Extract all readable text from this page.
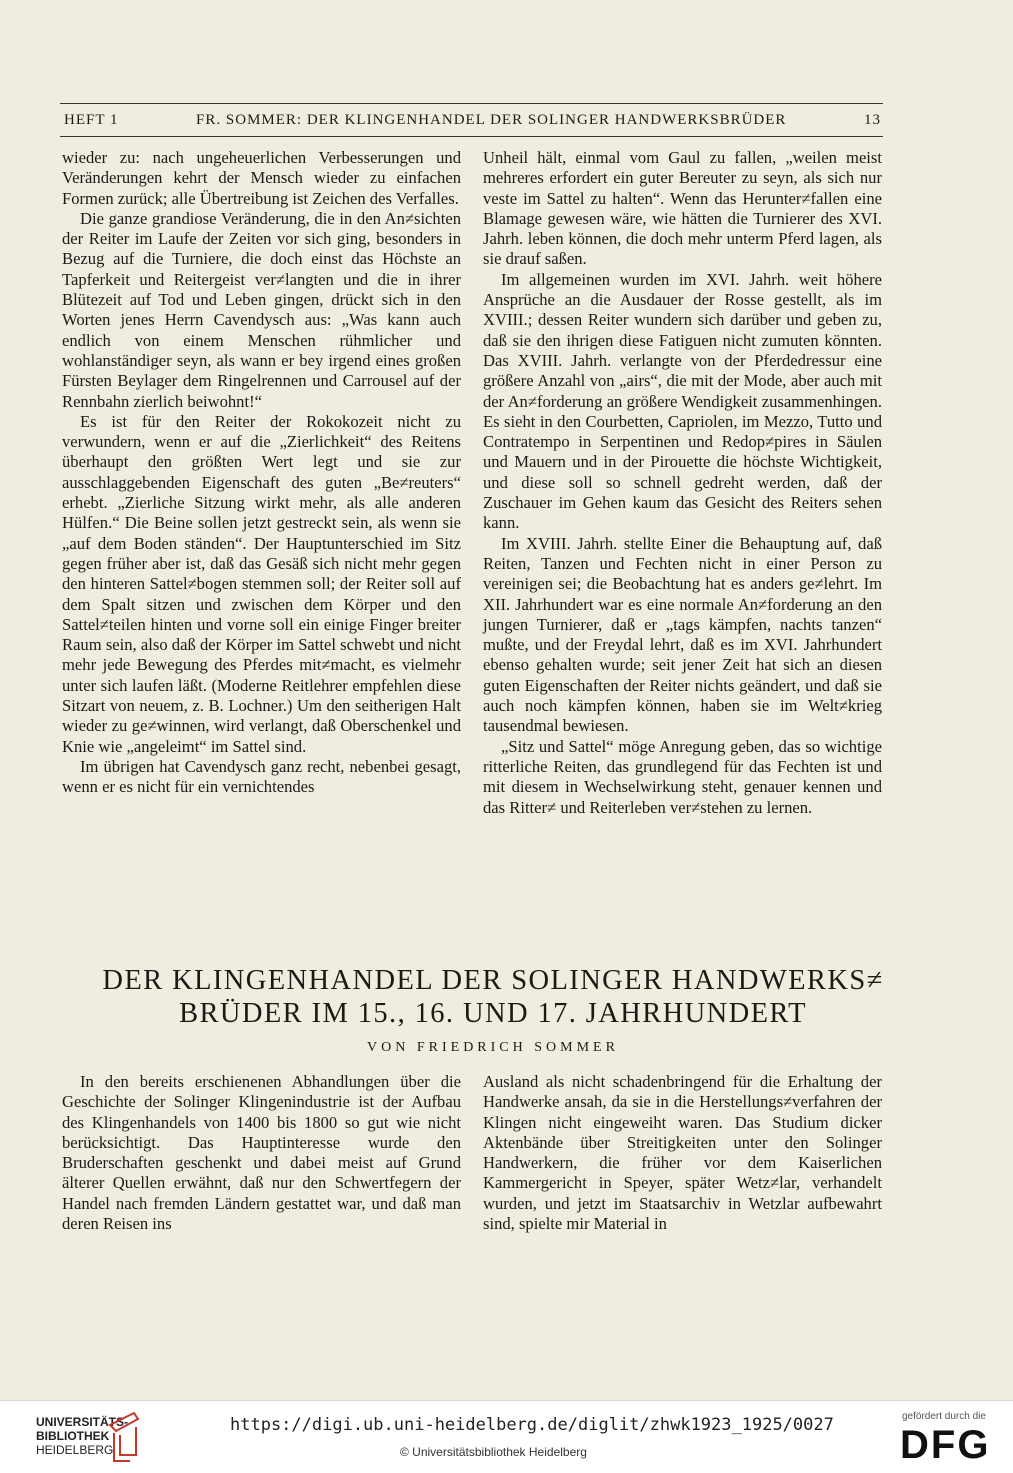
HEFT 1	FR. SOMMER: DER KLINGENHANDEL DER SOLINGER HANDWERKSBRÜDER	13

wieder zu: nach ungeheuerlichen Verbesserungen und Veränderungen kehrt der Mensch wieder zu einfachen Formen zurück; alle Übertreibung ist Zeichen des Verfalles.

Die ganze grandiose Veränderung, die in den An≠sichten der Reiter im Laufe der Zeiten vor sich ging, besonders in Bezug auf die Turniere, die doch einst das Höchste an Tapferkeit und Reitergeist ver≠langten und die in ihrer Blütezeit auf Tod und Leben gingen, drückt sich in den Worten jenes Herrn Cavendysch aus: „Was kann auch endlich von einem Menschen rühmlicher und wohlanständiger seyn, als wann er bey irgend eines großen Fürsten Beylager dem Ringelrennen und Carrousel auf der Rennbahn zierlich beiwohnt!“

Es ist für den Reiter der Rokokozeit nicht zu verwundern, wenn er auf die „Zierlichkeit“ des Reitens überhaupt den größten Wert legt und sie zur ausschlaggebenden Eigenschaft des guten „Be≠reuters“ erhebt. „Zierliche Sitzung wirkt mehr, als alle anderen Hülfen.“ Die Beine sollen jetzt gestreckt sein, als wenn sie „auf dem Boden ständen“. Der Hauptunterschied im Sitz gegen früher aber ist, daß das Gesäß sich nicht mehr gegen den hinteren Sattel≠bogen stemmen soll; der Reiter soll auf dem Spalt sitzen und zwischen dem Körper und den Sattel≠teilen hinten und vorne soll ein einige Finger breiter Raum sein, also daß der Körper im Sattel schwebt und nicht mehr jede Bewegung des Pferdes mit≠macht, es vielmehr unter sich laufen läßt. (Moderne Reitlehrer empfehlen diese Sitzart von neuem, z. B. Lochner.) Um den seitherigen Halt wieder zu ge≠winnen, wird verlangt, daß Oberschenkel und Knie wie „angeleimt“ im Sattel sind.

Im übrigen hat Cavendysch ganz recht, nebenbei gesagt, wenn er es nicht für ein vernichtendes

Unheil hält, einmal vom Gaul zu fallen, „weilen meist mehreres erfordert ein guter Bereuter zu seyn, als sich nur veste im Sattel zu halten“. Wenn das Herunter≠fallen eine Blamage gewesen wäre, wie hätten die Turnierer des XVI. Jahrh. leben können, die doch mehr unterm Pferd lagen, als sie drauf saßen.

Im allgemeinen wurden im XVI. Jahrh. weit höhere Ansprüche an die Ausdauer der Rosse gestellt, als im XVIII.; dessen Reiter wundern sich darüber und geben zu, daß sie den ihrigen diese Fatiguen nicht zumuten könnten. Das XVIII. Jahrh. verlangte von der Pferdedressur eine größere Anzahl von „airs“, die mit der Mode, aber auch mit der An≠forderung an größere Wendigkeit zusammenhingen. Es sieht in den Courbetten, Capriolen, im Mezzo, Tutto und Contratempo in Serpentinen und Redop≠pires in Säulen und Mauern und in der Pirouette die höchste Wichtigkeit, und diese soll so schnell gedreht werden, daß der Zuschauer im Gehen kaum das Gesicht des Reiters sehen kann.

Im XVIII. Jahrh. stellte Einer die Behauptung auf, daß Reiten, Tanzen und Fechten nicht in einer Person zu vereinigen sei; die Beobachtung hat es anders ge≠lehrt. Im XII. Jahrhundert war es eine normale An≠forderung an den jungen Turnierer, daß er „tags kämpfen, nachts tanzen“ mußte, und der Freydal lehrt, daß es im XVI. Jahrhundert ebenso gehalten wurde; seit jener Zeit hat sich an diesen guten Eigenschaften der Reiter nichts geändert, und daß sie auch noch kämpfen können, haben sie im Welt≠krieg tausendmal bewiesen.

„Sitz und Sattel“ möge Anregung geben, das so wichtige ritterliche Reiten, das grundlegend für das Fechten ist und mit diesem in Wechselwirkung steht, genauer kennen und das Ritter≠ und Reiterleben ver≠stehen zu lernen.

DER KLINGENHANDEL DER SOLINGER HANDWERKS≠
BRÜDER IM 15., 16. UND 17. JAHRHUNDERT
VON FRIEDRICH SOMMER

In den bereits erschienenen Abhandlungen über die Geschichte der Solinger Klingenindustrie ist der Aufbau des Klingenhandels von 1400 bis 1800 so gut wie nicht berücksichtigt. Das Hauptinteresse wurde den Bruderschaften geschenkt und dabei meist auf Grund älterer Quellen erwähnt, daß nur den Schwertfegern der Handel nach fremden Ländern gestattet war, und daß man deren Reisen ins

Ausland als nicht schadenbringend für die Erhaltung der Handwerke ansah, da sie in die Herstellungs≠verfahren der Klingen nicht eingeweiht waren. Das Studium dicker Aktenbände über Streitigkeiten unter den Solinger Handwerkern, die früher vor dem Kaiserlichen Kammergericht in Speyer, später Wetz≠lar, verhandelt wurden, und jetzt im Staatsarchiv in Wetzlar aufbewahrt sind, spielte mir Material in

UNIVERSITÄTS-
BIBLIOTHEK
HEIDELBERG
https://digi.ub.uni-heidelberg.de/diglit/zhwk1923_1925/0027
© Universitätsbibliothek Heidelberg
gefördert durch die
DFG
